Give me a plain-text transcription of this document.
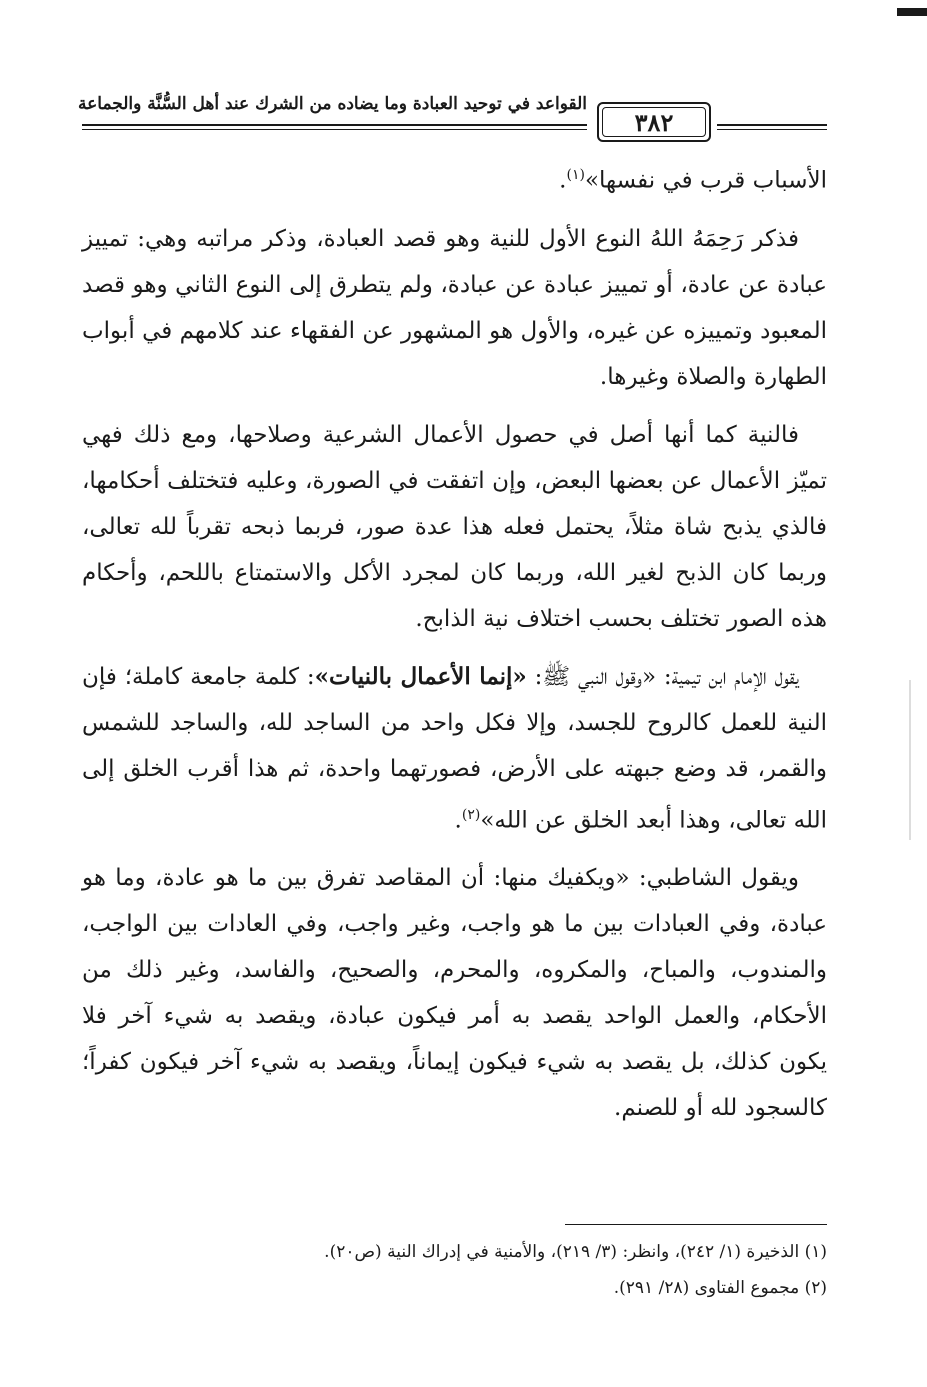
القواعد في توحيد العبادة وما يضاده من الشرك عند أهل السُّنَّة والجماعة
٣٨٢

الأسباب قرب في نفسها»$^{(١)}$.

فذكر رَحِمَهُ اللهُ النوع الأول للنية وهو قصد العبادة، وذكر مراتبه وهي: تمييز عبادة عن عادة، أو تمييز عبادة عن عبادة، ولم يتطرق إلى النوع الثاني وهو قصد المعبود وتمييزه عن غيره، والأول هو المشهور عن الفقهاء عند كلامهم في أبواب الطهارة والصلاة وغيرها.

فالنية كما أنها أصل في حصول الأعمال الشرعية وصلاحها، ومع ذلك فهي تميّز الأعمال عن بعضها البعض، وإن اتفقت في الصورة، وعليه فتختلف أحكامها، فالذي يذبح شاة مثلاً، يحتمل فعله هذا عدة صور، فربما ذبحه تقرباً لله تعالى، وربما كان الذبح لغير الله، وربما كان لمجرد الأكل والاستمتاع باللحم، وأحكام هذه الصور تختلف بحسب اختلاف نية الذابح.

يقول الإمام ابن تيمية: «وقول النبي ﷺ: «إنما الأعمال بالنيات»: كلمة جامعة كاملة؛ فإن النية للعمل كالروح للجسد، وإلا فكل واحد من الساجد لله، والساجد للشمس والقمر، قد وضع جبهته على الأرض، فصورتهما واحدة، ثم هذا أقرب الخلق إلى الله تعالى، وهذا أبعد الخلق عن الله»$^{(٢)}$.

ويقول الشاطبي: «ويكفيك منها: أن المقاصد تفرق بين ما هو عادة، وما هو عبادة، وفي العبادات بين ما هو واجب، وغير واجب، وفي العادات بين الواجب، والمندوب، والمباح، والمكروه، والمحرم، والصحيح، والفاسد، وغير ذلك من الأحكام، والعمل الواحد يقصد به أمر فيكون عبادة، ويقصد به شيء آخر فلا يكون كذلك، بل يقصد به شيء فيكون إيماناً، ويقصد به شيء آخر فيكون كفراً؛ كالسجود لله أو للصنم.

(١) الذخيرة (١/ ٢٤٢)، وانظر: (٣/ ٢١٩)، والأمنية في إدراك النية (ص٢٠).
(٢) مجموع الفتاوى (٢٨/ ٢٩١).
